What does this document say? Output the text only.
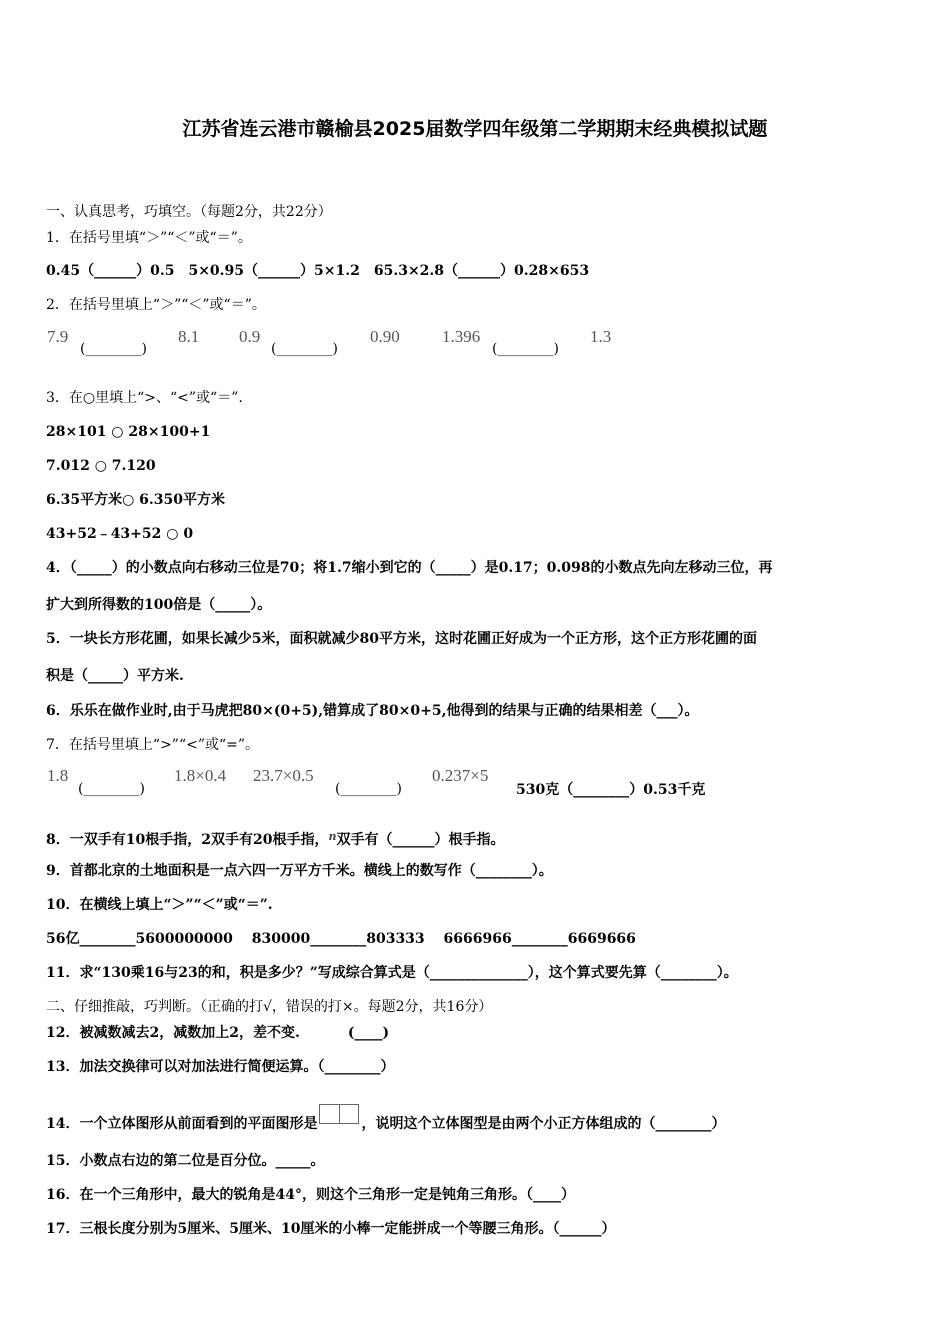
江苏省连云港市赣榆县2025届数学四年级第二学期期末经典模拟试题
一、认真思考，巧填空。（每题2分，共22分）
1．在括号里填“＞”“＜”或“＝”。
0.45（______）0.5　5×0.95（______）5×1.2　65.3×2.8（______）0.28×653
2．在括号里填上“＞”“＜”或“＝”。
7.9
(________)
8.1 0.9
(________)
0.90 1.396
(________)
1.3
3．在○里填上“>、“<”或“＝”.
28×101 ○ 28×100+1
7.012 ○ 7.120
6.35平方米○ 6.350平方米
43+52﹣43+52 ○ 0
4．（_____）的小数点向右移动三位是70；将1.7缩小到它的（_____）是0.17；0.098的小数点先向左移动三位，再
扩大到所得数的100倍是（_____）。
5．一块长方形花圃，如果长减少5米，面积就减少80平方米，这时花圃正好成为一个正方形，这个正方形花圃的面
积是（_____）平方米.
6．乐乐在做作业时,由于马虎把80×(0+5),错算成了80×0+5,他得到的结果与正确的结果相差（___）。
7．在括号里填上“>”“<”或“=”。
1.8
(________)
1.8×0.4 23.7×0.5
(________)
0.237×5
530克（________）0.53千克
8．一双手有10根手指，2双手有20根手指，$^n$双手有（______）根手指。
9．首都北京的土地面积是一点六四一万平方千米。横线上的数写作（________）。
10．在横线上填上“＞”“＜”或“＝”.
56亿________5600000000　 830000________803333　 6666966________6669666
11．求“130乘16与23的和，积是多少？”写成综合算式是（______________），这个算式要先算（________）。
二、仔细推敲，巧判断。（正确的打√，错误的打×。每题2分，共16分）
12．被减数减去2，减数加上2，差不变.	(____)
13．加法交换律可以对加法进行简便运算。（________）
14．一个立体图形从前面看到的平面图形是	，说明这个立体图型是由两个小正方体组成的（________）
15．小数点右边的第二位是百分位。_____。
16．在一个三角形中，最大的锐角是44°，则这个三角形一定是钝角三角形。（____）
17．三根长度分别为5厘米、5厘米、10厘米的小棒一定能拼成一个等腰三角形。（______）
